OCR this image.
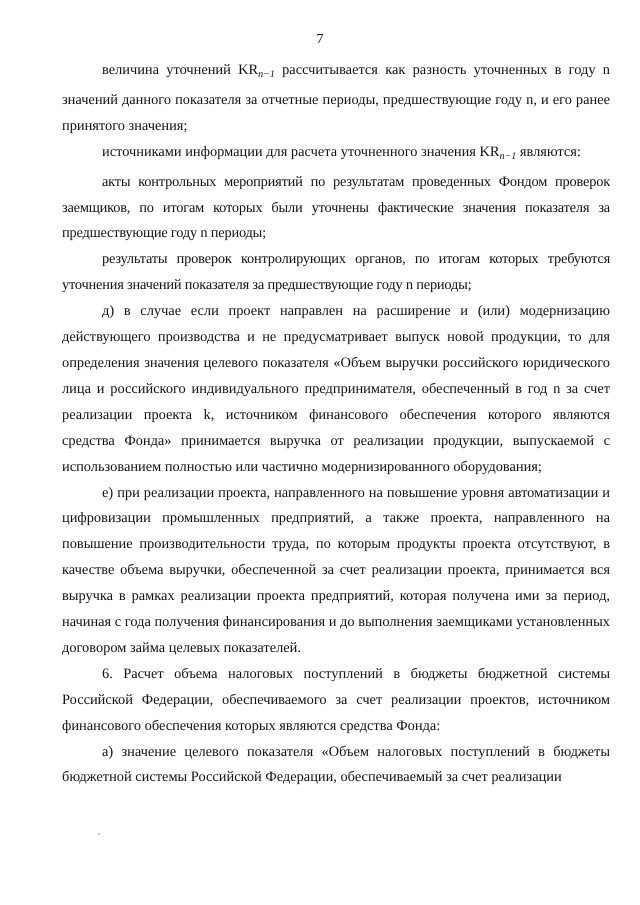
7

величина уточнений $KR_{n-1}$ рассчитывается как разность уточненных в году n значений данного показателя за отчетные периоды, предшествующие году n, и его ранее принятого значения;

источниками информации для расчета уточненного значения $KR_{n-1}$ являются:

акты контрольных мероприятий по результатам проведенных Фондом проверок заемщиков, по итогам которых были уточнены фактические значения показателя за предшествующие году n периоды;

результаты проверок контролирующих органов, по итогам которых требуются уточнения значений показателя за предшествующие году n периоды;

д) в случае если проект направлен на расширение и (или) модернизацию действующего производства и не предусматривает выпуск новой продукции, то для определения значения целевого показателя «Объем выручки российского юридического лица и российского индивидуального предпринимателя, обеспеченный в год n за счет реализации проекта k, источником финансового обеспечения которого являются средства Фонда» принимается выручка от реализации продукции, выпускаемой с использованием полностью или частично модернизированного оборудования;

е) при реализации проекта, направленного на повышение уровня автоматизации и цифровизации промышленных предприятий, а также проекта, направленного на повышение производительности труда, по которым продукты проекта отсутствуют, в качестве объема выручки, обеспеченной за счет реализации проекта, принимается вся выручка в рамках реализации проекта предприятий, которая получена ими за период, начиная с года получения финансирования и до выполнения заемщиками установленных договором займа целевых показателей.

6. Расчет объема налоговых поступлений в бюджеты бюджетной системы Российской Федерации, обеспечиваемого за счет реализации проектов, источником финансового обеспечения которых являются средства Фонда:

а) значение целевого показателя «Объем налоговых поступлений в бюджеты бюджетной системы Российской Федерации, обеспечиваемый за счет реализации
